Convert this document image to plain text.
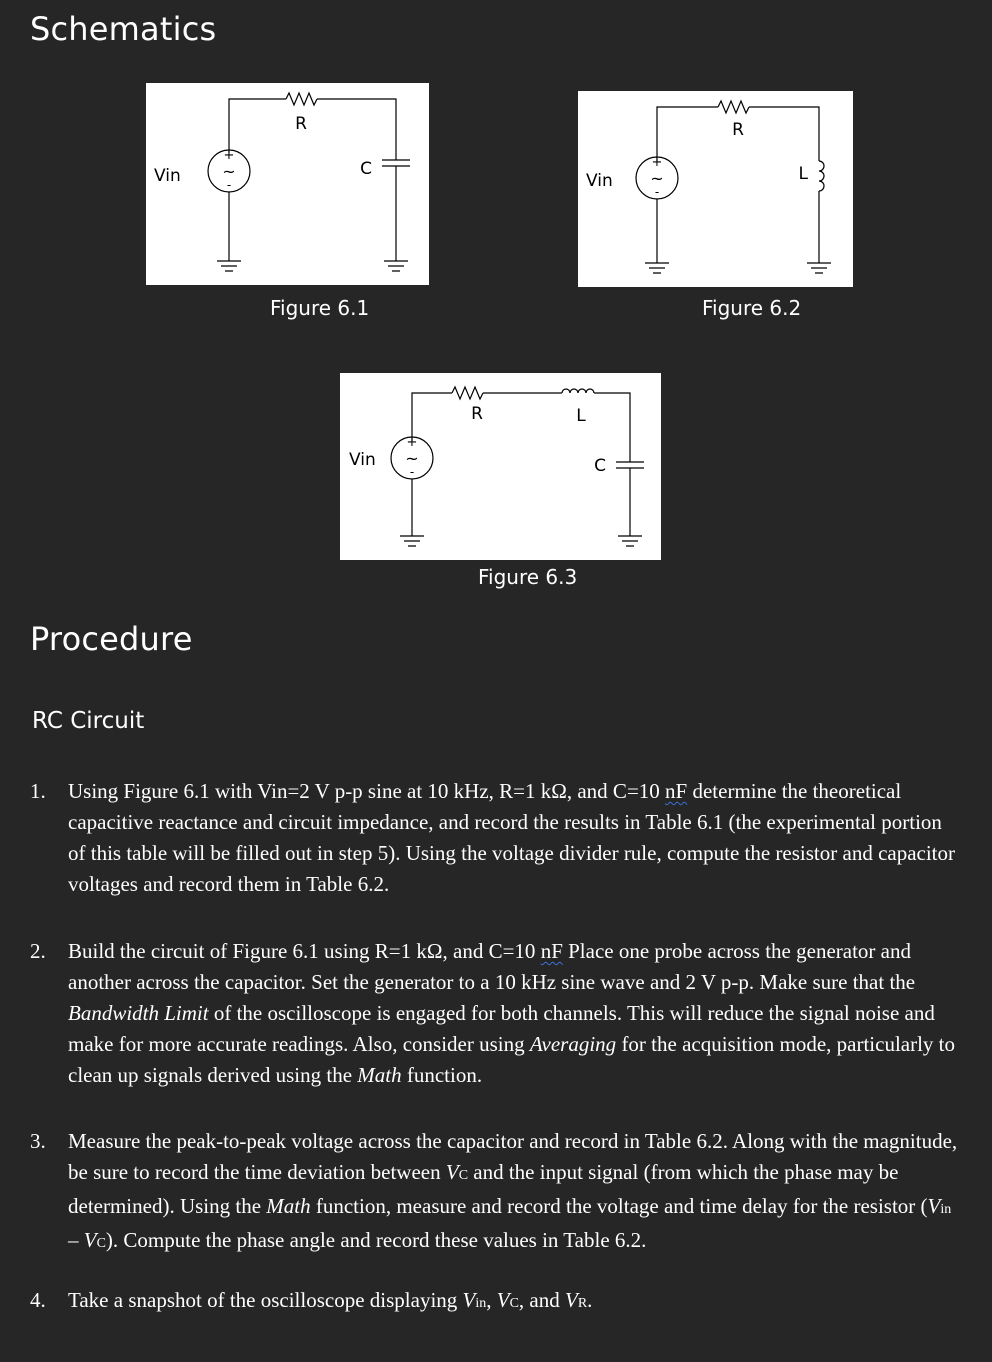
Schematics
R
C
Vin
+
~
-
Figure 6.1
R
L
Vin
+
~
-
Figure 6.2
R	L
C
Vin
+
~
-
Figure 6.3
Procedure
RC Circuit
1. Using Figure 6.1 with Vin=2 V p-p sine at 10 kHz, R=1 kΩ, and C=10 nF determine the theoretical capacitive reactance and circuit impedance, and record the results in Table 6.1 (the experimental portion of this table will be filled out in step 5). Using the voltage divider rule, compute the resistor and capacitor voltages and record them in Table 6.2.
2. Build the circuit of Figure 6.1 using R=1 kΩ, and C=10 nF Place one probe across the generator and another across the capacitor. Set the generator to a 10 kHz sine wave and 2 V p-p. Make sure that the Bandwidth Limit of the oscilloscope is engaged for both channels. This will reduce the signal noise and make for more accurate readings. Also, consider using Averaging for the acquisition mode, particularly to clean up signals derived using the Math function.
3. Measure the peak-to-peak voltage across the capacitor and record in Table 6.2. Along with the magnitude, be sure to record the time deviation between VC and the input signal (from which the phase may be determined). Using the Math function, measure and record the voltage and time delay for the resistor (Vin – VC). Compute the phase angle and record these values in Table 6.2.
4. Take a snapshot of the oscilloscope displaying Vin, VC, and VR.
